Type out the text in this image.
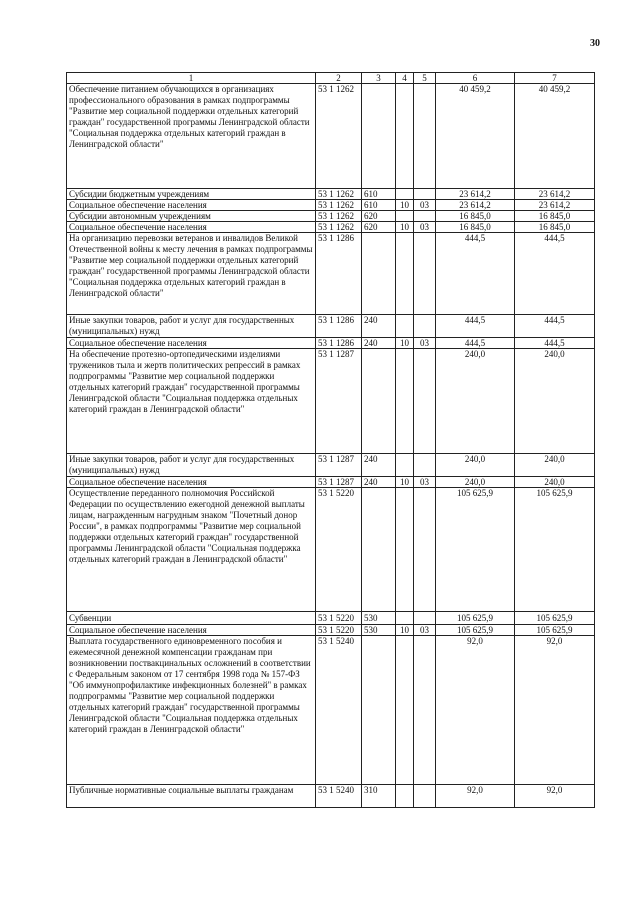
30
1	2	3	4	5	6	7
Обеспечение питанием обучающихся в организациях профессионального образования в рамках подпрограммы "Развитие мер социальной поддержки отдельных категорий граждан" государственной программы Ленинградской области "Социальная поддержка отдельных категорий граждан в Ленинградской области"	53 1 1262				40 459,2	40 459,2
Субсидии бюджетным учреждениям	53 1 1262	610			23 614,2	23 614,2
Социальное обеспечение населения	53 1 1262	610	10	03	23 614,2	23 614,2
Субсидии автономным учреждениям	53 1 1262	620			16 845,0	16 845,0
Социальное обеспечение населения	53 1 1262	620	10	03	16 845,0	16 845,0
На организацию перевозки ветеранов и инвалидов Великой Отечественной войны к месту лечения в рамках подпрограммы "Развитие мер социальной поддержки отдельных категорий граждан" государственной программы Ленинградской области "Социальная поддержка отдельных категорий граждан в Ленинградской области"	53 1 1286				444,5	444,5
Иные закупки товаров, работ и услуг для государственных (муниципальных) нужд	53 1 1286	240			444,5	444,5
Социальное обеспечение населения	53 1 1286	240	10	03	444,5	444,5
На обеспечение протезно-ортопедическими изделиями тружеников тыла и жертв политических репрессий в рамках подпрограммы "Развитие мер социальной поддержки отдельных категорий граждан" государственной программы Ленинградской области "Социальная поддержка отдельных категорий граждан в Ленинградской области"	53 1 1287				240,0	240,0
Иные закупки товаров, работ и услуг для государственных (муниципальных) нужд	53 1 1287	240			240,0	240,0
Социальное обеспечение населения	53 1 1287	240	10	03	240,0	240,0
Осуществление переданного полномочия Российской Федерации по осуществлению ежегодной денежной выплаты лицам, награжденным нагрудным знаком "Почетный донор России", в рамках подпрограммы "Развитие мер социальной поддержки отдельных категорий граждан" государственной программы Ленинградской области "Социальная поддержка отдельных категорий граждан в Ленинградской области"	53 1 5220				105 625,9	105 625,9
Субвенции	53 1 5220	530			105 625,9	105 625,9
Социальное обеспечение населения	53 1 5220	530	10	03	105 625,9	105 625,9
Выплата государственного единовременного пособия и ежемесячной денежной компенсации гражданам при возникновении поствакцинальных осложнений в соответствии с Федеральным законом от 17 сентября 1998 года № 157-ФЗ "Об иммунопрофилактике инфекционных болезней" в рамках подпрограммы "Развитие мер социальной поддержки отдельных категорий граждан" государственной программы Ленинградской области "Социальная поддержка отдельных категорий граждан в Ленинградской области"	53 1 5240				92,0	92,0
Публичные нормативные социальные выплаты гражданам	53 1 5240	310			92,0	92,0
